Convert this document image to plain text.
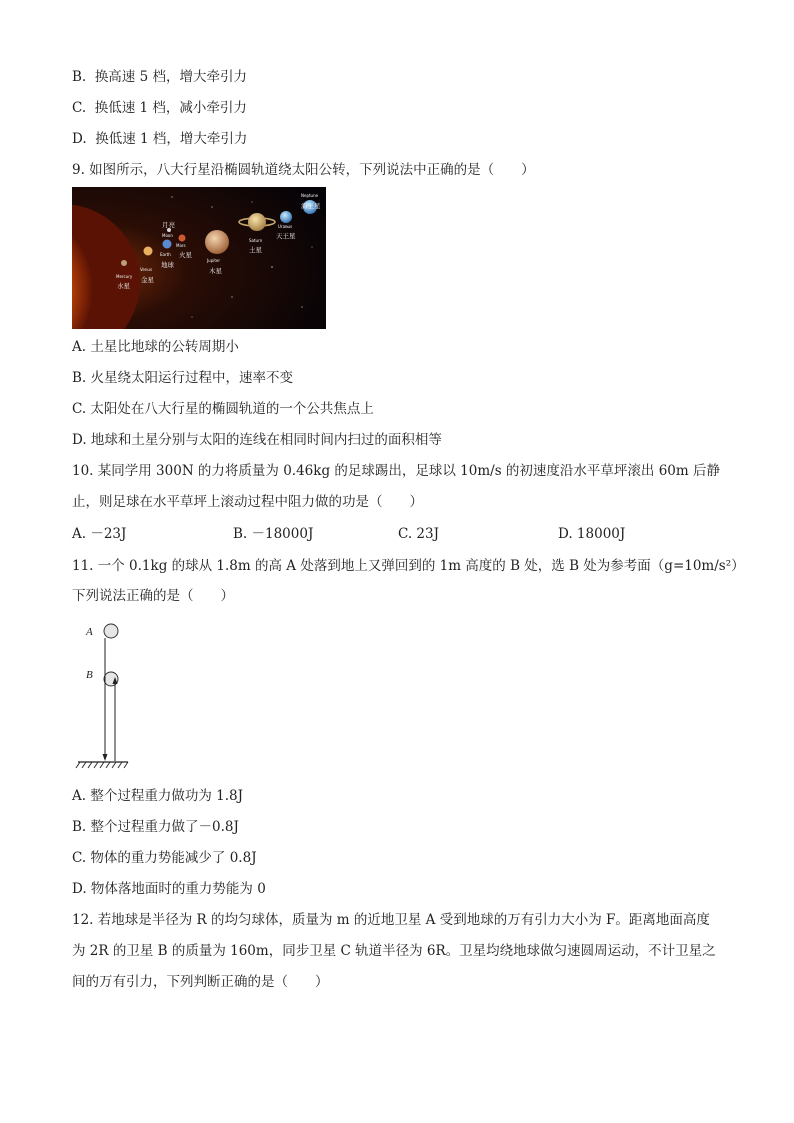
B. 换高速 5 档，增大牵引力
C. 换低速 1 档，减小牵引力
D. 换低速 1 档，增大牵引力
9. 如图所示，八大行星沿椭圆轨道绕太阳公转，下列说法中正确的是（　　）
Mercury
水星
Venus
金星
Earth
地球
月亮
Moon
Mars
火星
Jupiter
木星
Saturn
土星
Uranus
天王星
Neptune
海王星
A. 土星比地球的公转周期小
B. 火星绕太阳运行过程中，速率不变
C. 太阳处在八大行星的椭圆轨道的一个公共焦点上
D. 地球和土星分别与太阳的连线在相同时间内扫过的面积相等
10. 某同学用 300N 的力将质量为 0.46kg 的足球踢出，足球以 10m/s 的初速度沿水平草坪滚出 60m 后静止，则足球在水平草坪上滚动过程中阻力做的功是（　　）
A. －23J	B. －18000J	C. 23J	D. 18000J
11. 一个 0.1kg 的球从 1.8m 的高 A 处落到地上又弹回到的 1m 高度的 B 处，选 B 处为参考面（g=10m/s²）
下列说法正确的是（　　）
A
B
A. 整个过程重力做功为 1.8J
B. 整个过程重力做了－0.8J
C. 物体的重力势能减少了 0.8J
D. 物体落地面时的重力势能为 0
12. 若地球是半径为 R 的均匀球体，质量为 m 的近地卫星 A 受到地球的万有引力大小为 F。距离地面高度为 2R 的卫星 B 的质量为 160m，同步卫星 C 轨道半径为 6R。卫星均绕地球做匀速圆周运动，不计卫星之间的万有引力，下列判断正确的是（　　）
